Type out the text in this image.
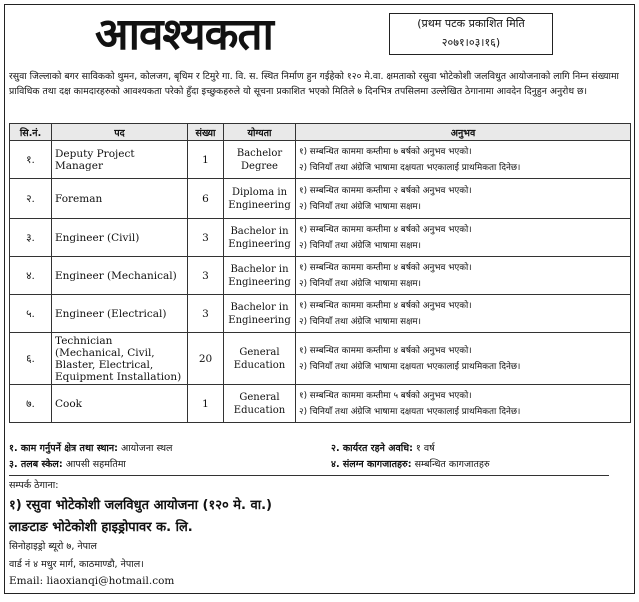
आवश्यकता	(प्रथम पटक प्रकाशित मिति
२०७१।०३।१६)
रसुवा जिल्लाको बगर साविकको थुमन, कोलजग, बृधिम र टिमुरे गा. वि. स. स्थित निर्माण हुन गईहेको १२० मे.वा. क्षमताको रसुवा भोटेकोशी जलविधुत आयोजनाको लागि निम्न संख्यामा प्राविधिक तथा दक्ष कामदारहरुको आवश्यकता परेको हुँदा इच्छुकहरुले यो सूचना प्रकाशित भएको मितिले ७ दिनभित्र तपसिलमा उल्लेखित ठेगानामा आवदेन दिनुहुन अनुरोध छ।
सि.नं.	पद	संख्या	योग्यता	अनुभव
१.	Deputy Project Manager	1	Bachelor Degree	१) सम्बन्धित काममा कम्तीमा ७ बर्षको अनुभव भएको।
२) चिनियाँ तथा अंग्रेजि भाषामा दक्षयता भएकालाई प्राथमिकता दिनेछ।

२.	Foreman	6	Diploma in Engineering	१) सम्बन्धित काममा कम्तीमा २ बर्षको अनुभव भएको।
२) चिनियाँ तथा अंग्रेजि भाषामा सक्षम।

३.	Engineer (Civil)	3	Bachelor in Engineering	१) सम्बन्धित काममा कम्तीमा ४ बर्षको अनुभव भएको।
२) चिनियाँ तथा अंग्रेजि भाषामा सक्षम।

४.	Engineer (Mechanical)	3	Bachelor in Engineering	१) सम्बन्धित काममा कम्तीमा ४ बर्षको अनुभव भएको।
२) चिनियाँ तथा अंग्रेजि भाषामा सक्षम।

५.	Engineer (Electrical)	3	Bachelor in Engineering	१) सम्बन्धित काममा कम्तीमा ४ बर्षको अनुभव भएको।
२) चिनियाँ तथा अंग्रेजि भाषामा सक्षम।

६.	Technician (Mechanical, Civil, Blaster, Electrical, Equipment Installation)	20	General Education	१) सम्बन्धित काममा कम्तीमा ४ बर्षको अनुभव भएको।
२) चिनियाँ तथा अंग्रेजि भाषामा दक्षयता भएकालाई प्राथमिकता दिनेछ।

७.	Cook	1	General Education	१) सम्बन्धित काममा कम्तीमा ५ बर्षको अनुभव भएको।
२) चिनियाँ तथा अंग्रेजि भाषामा दक्षयता भएकालाई प्राथमिकता दिनेछ।
१. काम गर्नुपर्ने क्षेत्र तथा स्थान: आयोजना स्थल	२. कार्यरत रहने अवधि: १ वर्ष
३. तलब स्केल: आपसी सहमतिमा	४. संलग्न कागजातहरु: सम्बन्धित कागजातहरु
सम्पर्क ठेगाना:
१) रसुवा भोटेकोशी जलविधुत आयोजना (१२० मे. वा.)
लाङटाङ भोटेकोशी हाइड्रोपावर क. लि.
सिनोहाइड्रो ब्यूरो ७, नेपाल
वार्ड नं ४ मधुर मार्ग, काठमाण्डौ, नेपाल।
Email: liaoxianqi@hotmail.com
